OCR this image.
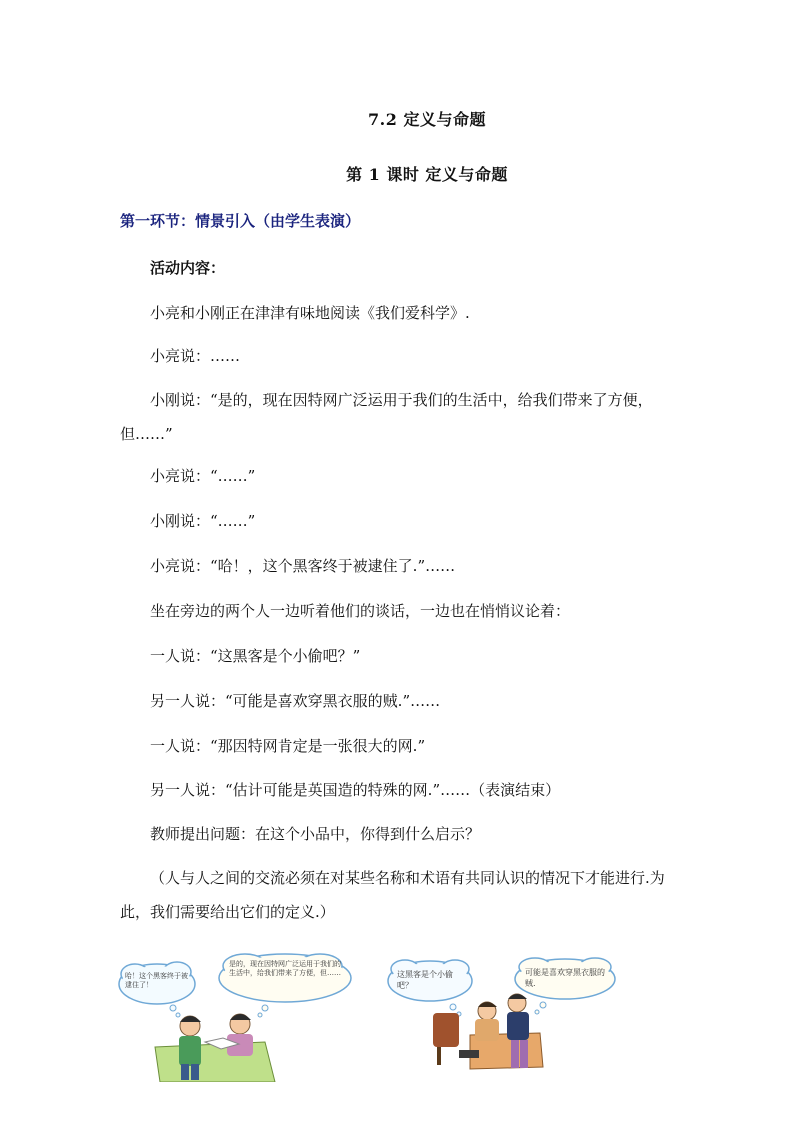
7.2 定义与命题
第 1 课时 定义与命题
第一环节：情景引入（由学生表演）
活动内容：
小亮和小刚正在津津有味地阅读《我们爱科学》.
小亮说：……
小刚说：“是的，现在因特网广泛运用于我们的生活中，给我们带来了方便，但……”
小亮说：“……”
小刚说：“……”
小亮说：“哈！，这个黑客终于被逮住了.”……
坐在旁边的两个人一边听着他们的谈话，一边也在悄悄议论着：
一人说：“这黑客是个小偷吧？”
另一人说：“可能是喜欢穿黑衣服的贼.”……
一人说：“那因特网肯定是一张很大的网.”
另一人说：“估计可能是英国造的特殊的网.”……（表演结束）
教师提出问题：在这个小品中，你得到什么启示？
（人与人之间的交流必须在对某些名称和术语有共同认识的情况下才能进行.为此，我们需要给出它们的定义.）
哈！这个黑客终于被逮住了！
是的，现在因特网广泛运用于我们的生活中，给我们带来了方便，但……	这黑客是个小偷吧？
可能是喜欢穿黑衣服的贼.
